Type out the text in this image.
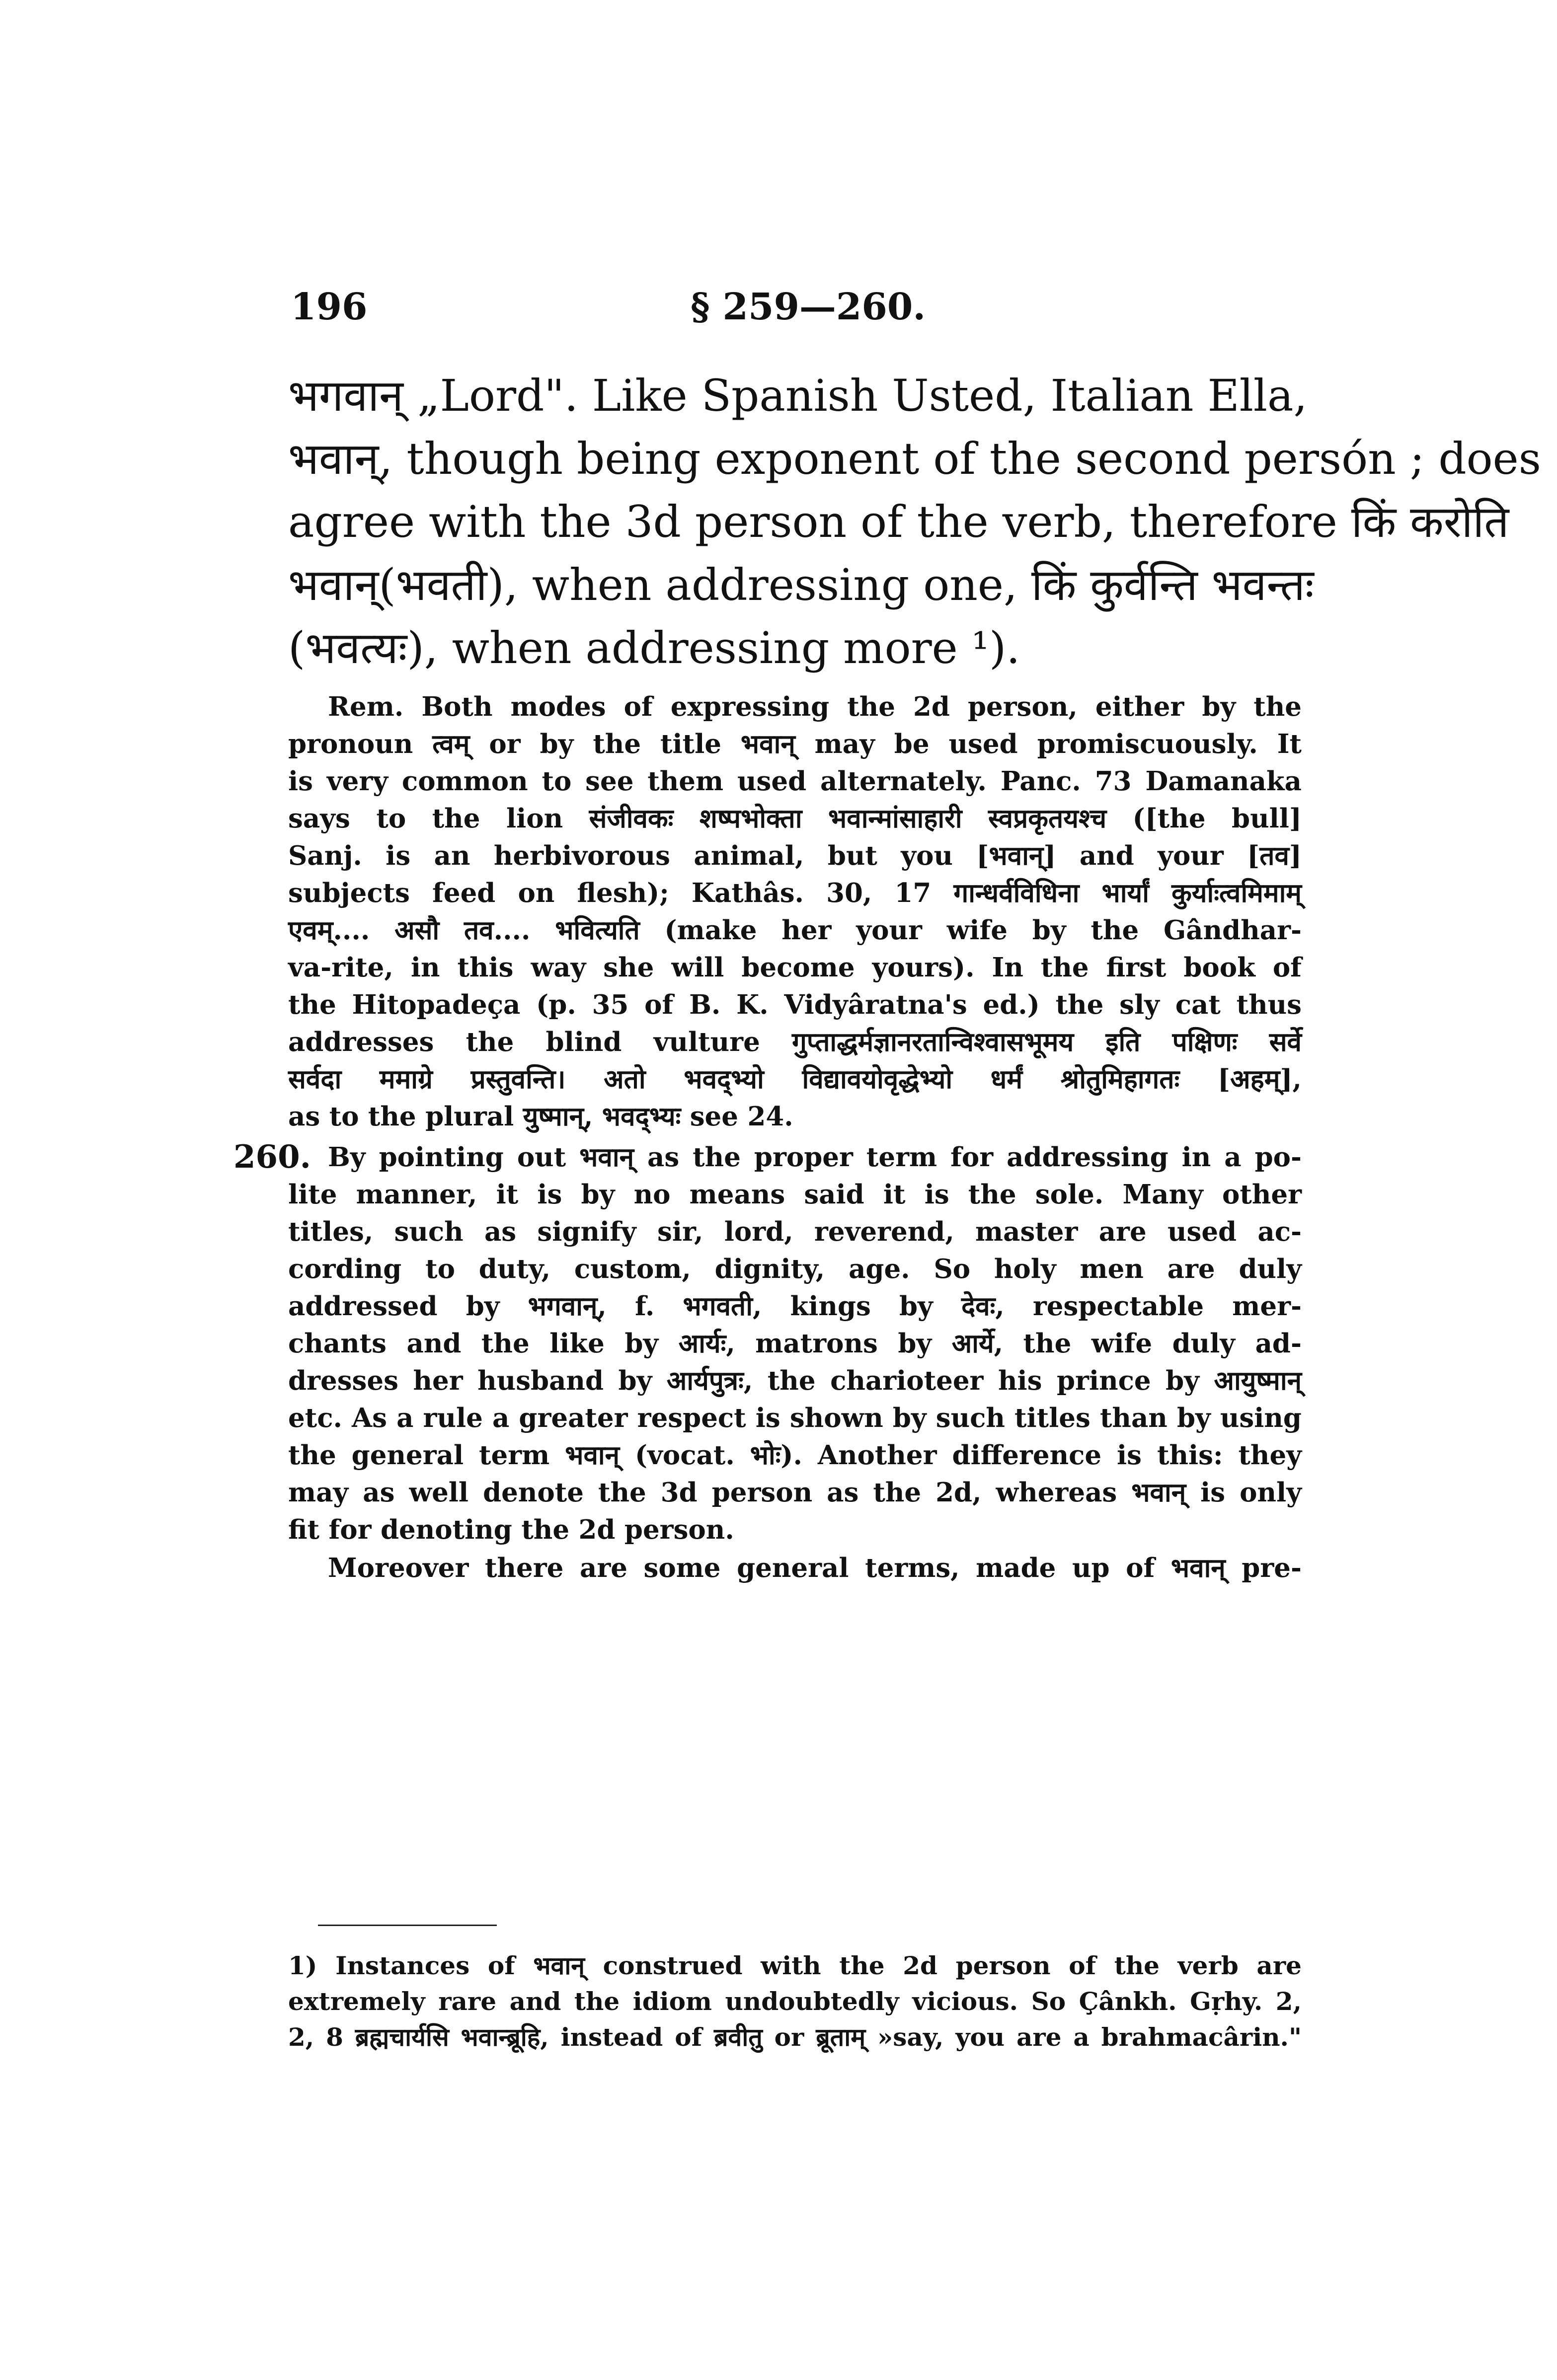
196	§ 259—260.
भगवान् „Lord". Like Spanish Usted, Italian Ella,
भवान्, though being exponent of the second persón ; does
agree with the 3d person of the verb, therefore किं करोति
भवान्(भवती), when addressing one, किं कुर्वन्ति भवन्तः
(भवत्यः), when addressing more ¹).
Rem. Both modes of expressing the 2d person, either by the
pronoun त्वम् or by the title भवान् may be used promiscuously. It
is very common to see them used alternately. Panc. 73 Damanaka
says to the lion संजीवकः शष्पभोक्ता भवान्मांसाहारी स्वप्रकृतयश्च ([the bull]
Sanj. is an herbivorous animal, but you [भवान्] and your [तव]
subjects feed on flesh); Kathâs. 30, 17 गान्धर्वविधिना भार्यां कुर्याःत्वमिमाम्
एवम्.... असौ तव.... भवित्यति (make her your wife by the Gândhar-
va-rite, in this way she will become yours). In the first book of
the Hitopadeça (p. 35 of B. K. Vidyâratna's ed.) the sly cat thus
addresses the blind vulture गुप्ताद्धर्मज्ञानरतान्विश्वासभूमय इति पक्षिणः सर्वे
सर्वदा ममाग्रे प्रस्तुवन्ति। अतो भवद्भ्यो विद्यावयोवृद्धेभ्यो धर्मं श्रोतुमिहागतः [अहम्],
as to the plural युष्मान्, भवद्भ्यः see 24.
260. By pointing out भवान् as the proper term for addressing in a po-
lite manner, it is by no means said it is the sole. Many other
titles, such as signify sir, lord, reverend, master are used ac-
cording to duty, custom, dignity, age. So holy men are duly
addressed by भगवान्, f. भगवती, kings by देवः, respectable mer-
chants and the like by आर्यः, matrons by आर्ये, the wife duly ad-
dresses her husband by आर्यपुत्रः, the charioteer his prince by आयुष्मान्
etc. As a rule a greater respect is shown by such titles than by using
the general term भवान् (vocat. भोः). Another difference is this: they
may as well denote the 3d person as the 2d, whereas भवान् is only
fit for denoting the 2d person.
Moreover there are some general terms, made up of भवान् pre-
1) Instances of भवान् construed with the 2d person of the verb are
extremely rare and the idiom undoubtedly vicious. So Çânkh. Gṛhy. 2,
2, 8 ब्रह्मचार्यसि भवान्ब्रूहि, instead of ब्रवीतु or ब्रूताम् »say, you are a brahmacârin."
